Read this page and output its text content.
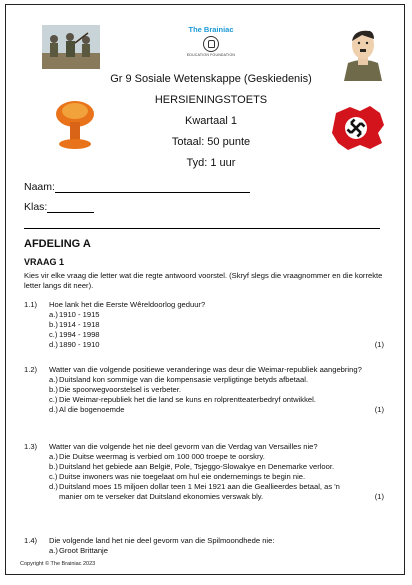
The Brainiac
EDUCATION FOUNDATION
Gr 9 Sosiale Wetenskappe (Geskiedenis)
HERSIENINGSTOETS
Kwartaal 1
Totaal: 50 punte
Tyd: 1 uur
Naam:
Klas:
AFDELING A
VRAAG 1
Kies vir elke vraag die letter wat die regte antwoord voorstel. (Skryf slegs die vraagnommer en die korrekte letter langs dit neer).
1.1) Hoe lank het die Eerste Wêreldoorlog geduur?
a.) 1910 - 1915
b.) 1914 - 1918
c.) 1994 - 1998
d.) 1890 - 1910	(1)
1.2) Watter van die volgende positiewe veranderinge was deur die Weimar-republiek aangebring?
a.) Duitsland kon sommige van die kompensasie verpligtinge betyds afbetaal.
b.) Die spoorwegvoorstelsel is verbeter.
c.) Die Weimar-republiek het die land se kuns en rolprentteaterbedryf ontwikkel.
d.) Al die bogenoemde	(1)
1.3) Watter van die volgende het nie deel gevorm van die Verdag van Versailles nie?
a.) Die Duitse weermag is verbied om 100 000 troepe te oorskry.
b.) Duitsland het gebiede aan België, Pole, Tsjeggo-Slowakye en Denemarke verloor.
c.) Duitse inwoners was nie toegelaat om hul eie ondernemings te begin nie.
d.) Duitsland moes 15 miljoen dollar teen 1 Mei 1921 aan die Geallieerdes betaal, as 'n manier om te verseker dat Duitsland ekonomies verswak bly.	(1)
1.4) Die volgende land het nie deel gevorm van die Spilmoondhede nie:
a.) Groot Brittanje
Copyright © The Brainiac 2023
